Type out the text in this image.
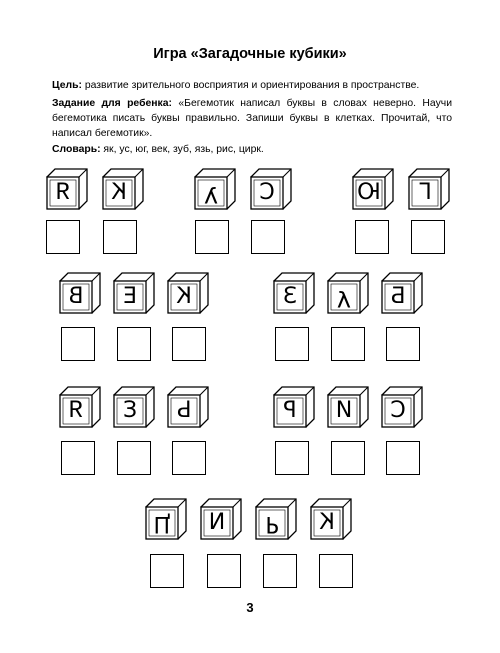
Игра «Загадочные кубики»
Цель: развитие зрительного восприятия и ориентирования в пространстве.
Задание для ребенка: «Бегемотик написал буквы в словах неверно. Научи бегемотика писать буквы правильно. Запиши буквы в клетках. Прочитай, что написал бегемотик».
Словарь: як, ус, юг, век, зуб, язь, рис, цирк.
Я	К	У	С	Ю	Г
В	Е	К	З	У	Б
Я	З	Ь	Р	И	С
Ц	И	Р	К
3
